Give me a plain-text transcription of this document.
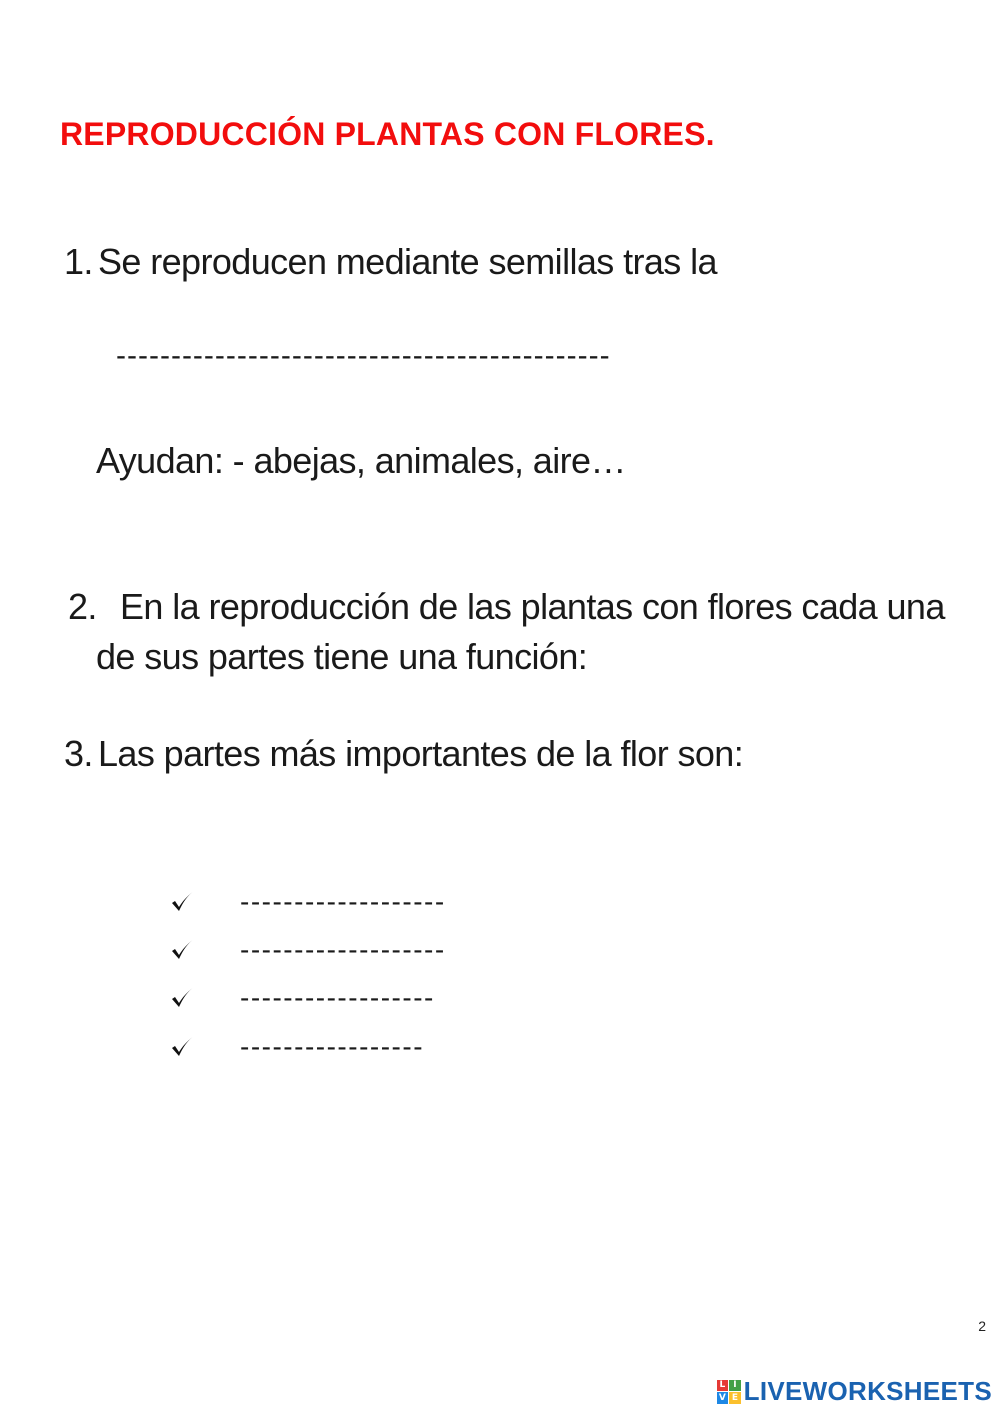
REPRODUCCIÓN PLANTAS CON FLORES.
1. Se reproducen mediante semillas tras la
---------------------------------------------
Ayudan: - abejas, animales, aire…
2. En la reproducción de las plantas con flores cada una
de sus partes tiene una función:
3. Las partes más importantes de la flor son:
-------------------
-------------------
------------------
-----------------
2
L I
V E LIVEWORKSHEETS
